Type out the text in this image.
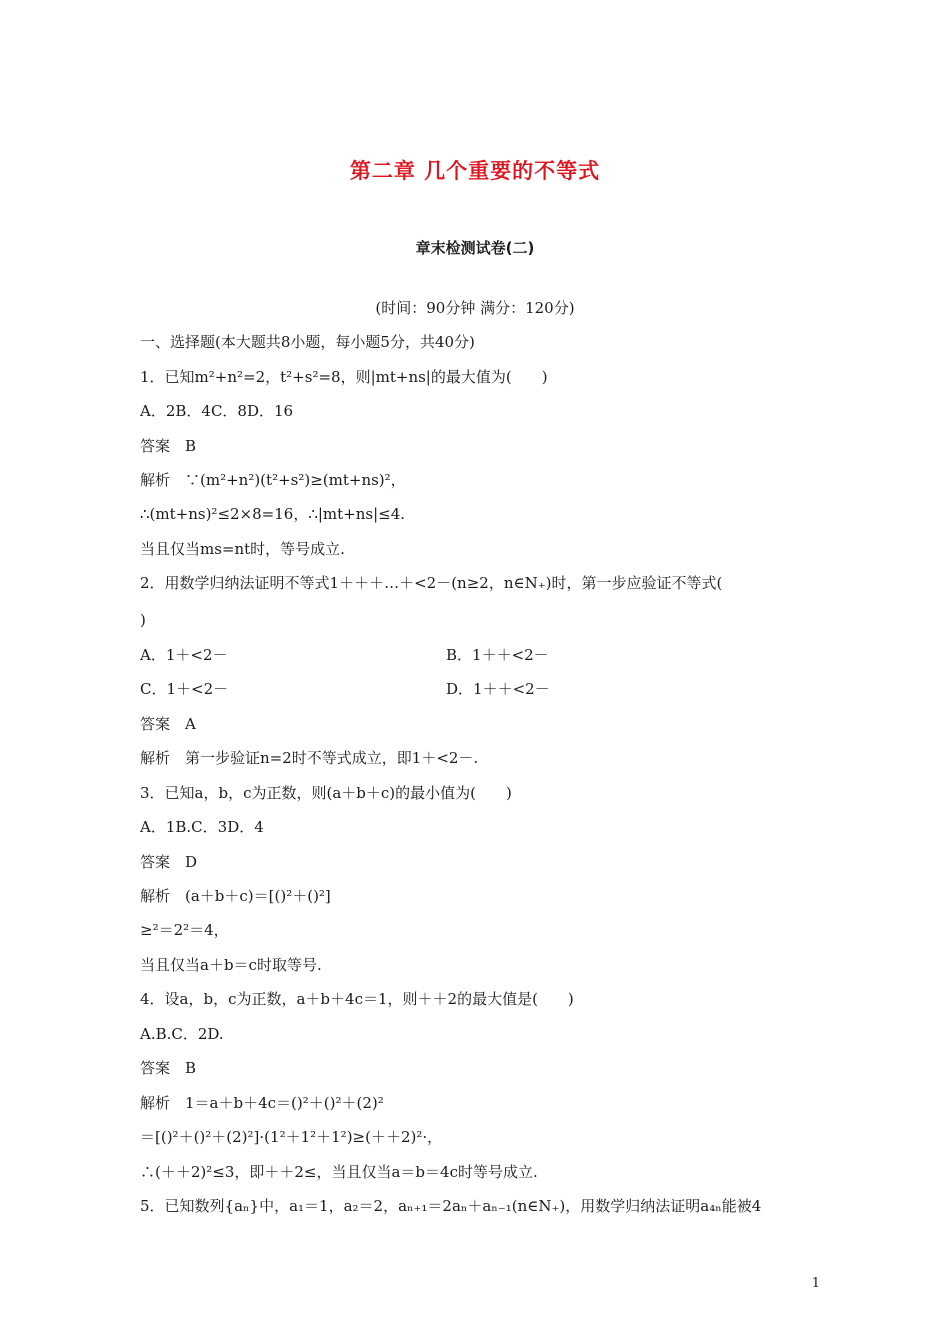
第二章 几个重要的不等式
章末检测试卷(二)
(时间：90分钟 满分：120分)
一、选择题(本大题共8小题，每小题5分，共40分)
1．已知m²+n²=2，t²+s²=8，则|mt+ns|的最大值为(　　)
A．2B．4C．8D．16
答案　B
解析　∵(m²+n²)(t²+s²)≥(mt+ns)²，
∴(mt+ns)²≤2×8=16，∴|mt+ns|≤4.
当且仅当ms=nt时，等号成立.
2．用数学归纳法证明不等式1＋＋＋…＋<2－(n≥2，n∈N₊)时，第一步应验证不等式(
)
A．1＋<2－	B．1＋＋<2－
C．1＋<2－	D．1＋＋<2－
答案　A
解析　第一步验证n=2时不等式成立，即1＋<2－.
3．已知a，b，c为正数，则(a＋b＋c)的最小值为(　　)
A．1B.C．3D．4
答案　D
解析　(a＋b＋c)＝[()²＋()²]
≥²＝2²＝4，
当且仅当a＋b＝c时取等号.
4．设a，b，c为正数，a＋b＋4c＝1，则＋＋2的最大值是(　　)
A.B.C．2D.
答案　B
解析　1＝a＋b＋4c＝()²＋()²＋(2)²
＝[()²＋()²＋(2)²]·(1²＋1²＋1²)≥(＋＋2)²·，
∴(＋＋2)²≤3，即＋＋2≤，当且仅当a＝b＝4c时等号成立.
5．已知数列{aₙ}中，a₁＝1，a₂＝2，aₙ₊₁＝2aₙ＋aₙ₋₁(n∈N₊)，用数学归纳法证明a₄ₙ能被4
1
